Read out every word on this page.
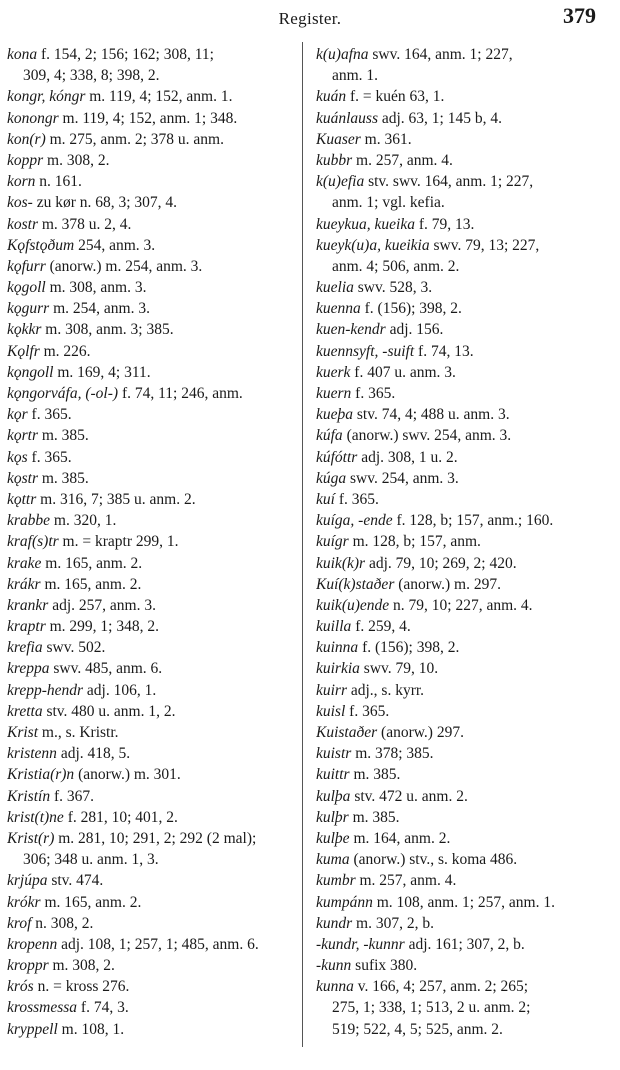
Register.	379
kona f. 154, 2; 156; 162; 308, 11;
309, 4; 338, 8; 398, 2.
kongr, kóngr m. 119, 4; 152, anm. 1.
konongr m. 119, 4; 152, anm. 1; 348.
kon(r) m. 275, anm. 2; 378 u. anm.
koppr m. 308, 2.
korn n. 161.
kos- zu kør n. 68, 3; 307, 4.
kostr m. 378 u. 2, 4.
Kǫfstǫðum 254, anm. 3.
kǫfurr (anorw.) m. 254, anm. 3.
kǫgoll m. 308, anm. 3.
kǫgurr m. 254, anm. 3.
kǫkkr m. 308, anm. 3; 385.
Kǫlfr m. 226.
kǫngoll m. 169, 4; 311.
kǫngorváfa, (-ol-) f. 74, 11; 246, anm.
kǫr f. 365.
kǫrtr m. 385.
kǫs f. 365.
kǫstr m. 385.
kǫttr m. 316, 7; 385 u. anm. 2.
krabbe m. 320, 1.
kraf(s)tr m. = kraptr 299, 1.
krake m. 165, anm. 2.
krákr m. 165, anm. 2.
krankr adj. 257, anm. 3.
kraptr m. 299, 1; 348, 2.
krefia swv. 502.
kreppa swv. 485, anm. 6.
krepp-hendr adj. 106, 1.
kretta stv. 480 u. anm. 1, 2.
Krist m., s. Kristr.
kristenn adj. 418, 5.
Kristia(r)n (anorw.) m. 301.
Kristín f. 367.
krist(t)ne f. 281, 10; 401, 2.
Krist(r) m. 281, 10; 291, 2; 292 (2 mal);
306; 348 u. anm. 1, 3.
krjúpa stv. 474.
krókr m. 165, anm. 2.
krof n. 308, 2.
kropenn adj. 108, 1; 257, 1; 485, anm. 6.
kroppr m. 308, 2.
krós n. = kross 276.
krossmessa f. 74, 3.
kryppell m. 108, 1.
k(u)afna swv. 164, anm. 1; 227,
anm. 1.
kuán f. = kuén 63, 1.
kuánlauss adj. 63, 1; 145 b, 4.
Kuaser m. 361.
kubbr m. 257, anm. 4.
k(u)efia stv. swv. 164, anm. 1; 227,
anm. 1; vgl. kefia.
kueykua, kueika f. 79, 13.
kueyk(u)a, kueikia swv. 79, 13; 227,
anm. 4; 506, anm. 2.
kuelia swv. 528, 3.
kuenna f. (156); 398, 2.
kuen-kendr adj. 156.
kuennsyft, -suift f. 74, 13.
kuerk f. 407 u. anm. 3.
kuern f. 365.
kueþa stv. 74, 4; 488 u. anm. 3.
kúfa (anorw.) swv. 254, anm. 3.
kúfóttr adj. 308, 1 u. 2.
kúga swv. 254, anm. 3.
kuí f. 365.
kuíga, -ende f. 128, b; 157, anm.; 160.
kuígr m. 128, b; 157, anm.
kuik(k)r adj. 79, 10; 269, 2; 420.
Kuí(k)staðer (anorw.) m. 297.
kuik(u)ende n. 79, 10; 227, anm. 4.
kuilla f. 259, 4.
kuinna f. (156); 398, 2.
kuirkia swv. 79, 10.
kuirr adj., s. kyrr.
kuisl f. 365.
Kuistaðer (anorw.) 297.
kuistr m. 378; 385.
kuittr m. 385.
kulþa stv. 472 u. anm. 2.
kulþr m. 385.
kulþe m. 164, anm. 2.
kuma (anorw.) stv., s. koma 486.
kumbr m. 257, anm. 4.
kumpánn m. 108, anm. 1; 257, anm. 1.
kundr m. 307, 2, b.
-kundr, -kunnr adj. 161; 307, 2, b.
-kunn sufix 380.
kunna v. 166, 4; 257, anm. 2; 265;
275, 1; 338, 1; 513, 2 u. anm. 2;
519; 522, 4, 5; 525, anm. 2.
